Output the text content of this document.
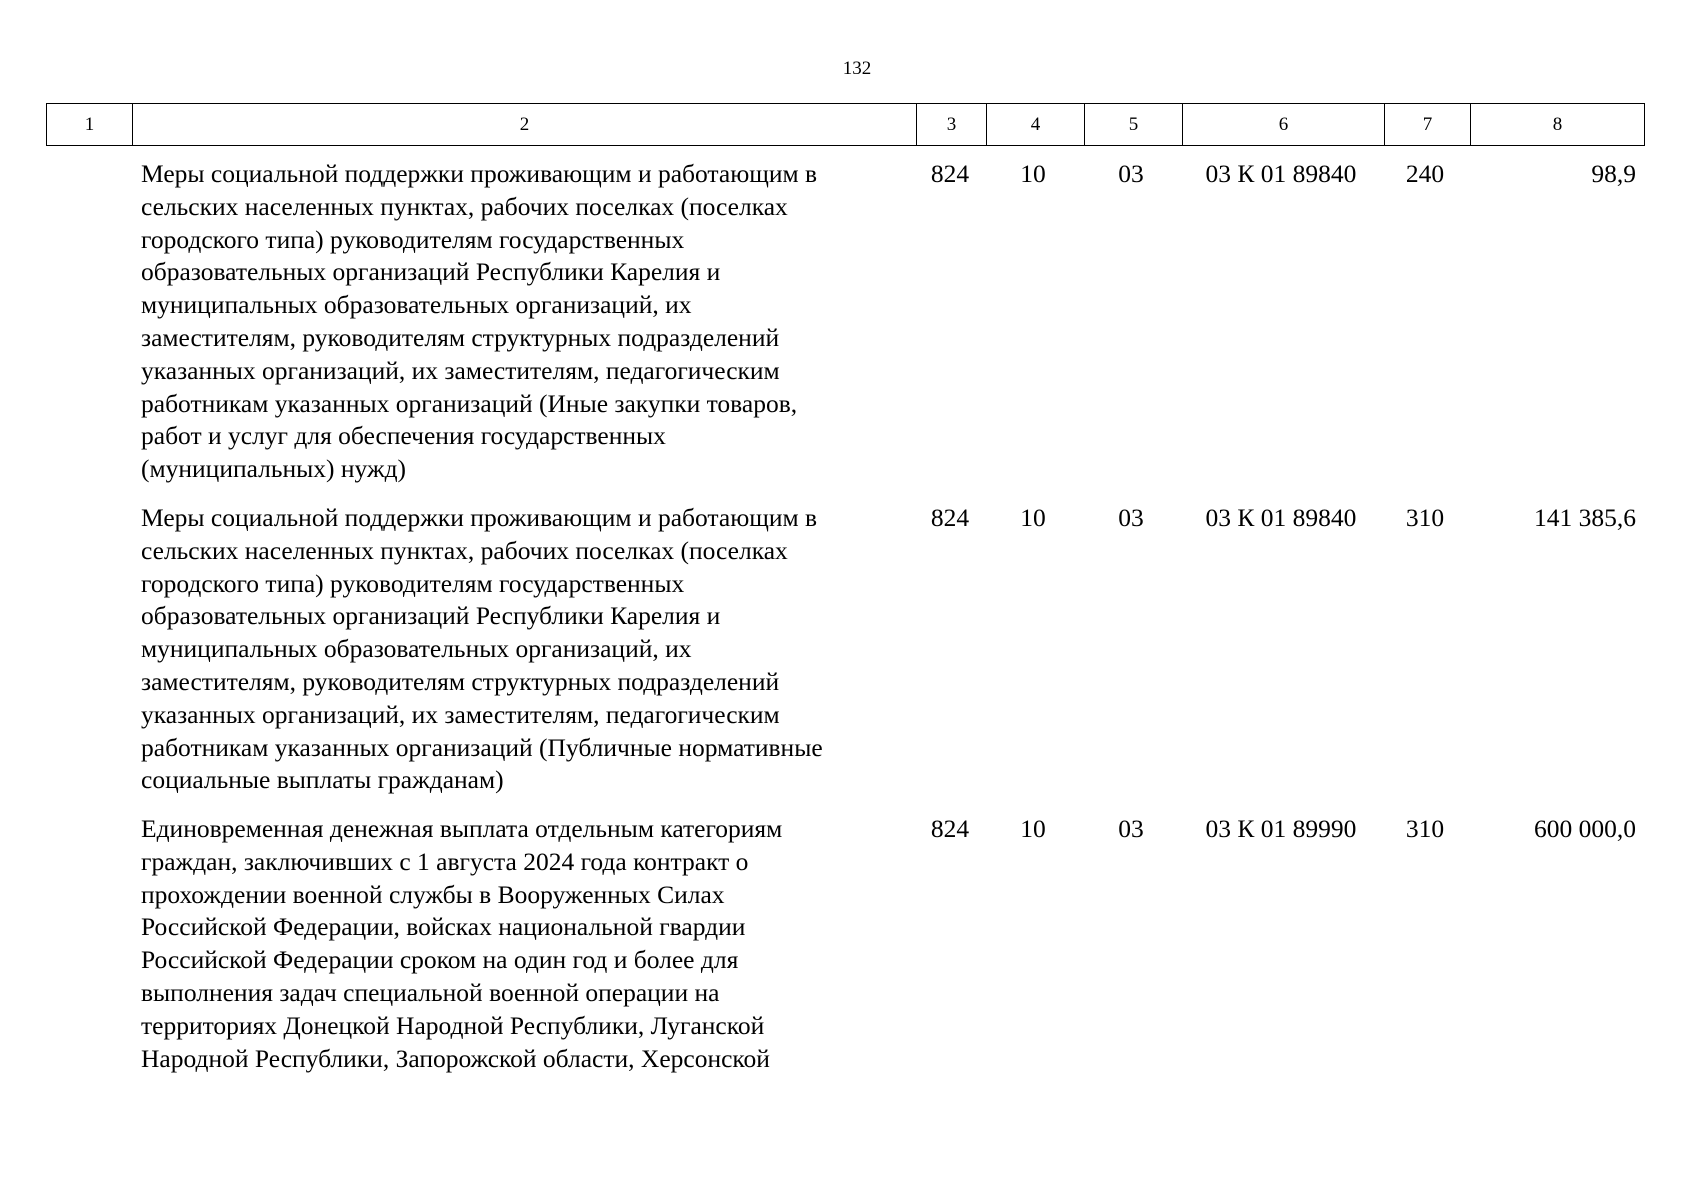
132
1	2	3	4	5	6	7	8
Меры социальной поддержки проживающим и работающим в
сельских населенных пунктах, рабочих поселках (поселках
городского типа) руководителям государственных
образовательных организаций Республики Карелия и
муниципальных образовательных организаций, их
заместителям, руководителям структурных подразделений
указанных организаций, их заместителям, педагогическим
работникам указанных организаций (Иные закупки товаров,
работ и услуг для обеспечения государственных
(муниципальных) нужд)
824	10	03	03 К 01 89840	240	98,9
Меры социальной поддержки проживающим и работающим в
сельских населенных пунктах, рабочих поселках (поселках
городского типа) руководителям государственных
образовательных организаций Республики Карелия и
муниципальных образовательных организаций, их
заместителям, руководителям структурных подразделений
указанных организаций, их заместителям, педагогическим
работникам указанных организаций (Публичные нормативные
социальные выплаты гражданам)
824	10	03	03 К 01 89840	310	141 385,6
Единовременная денежная выплата отдельным категориям
граждан, заключивших с 1 августа 2024 года контракт о
прохождении военной службы в Вооруженных Силах
Российской Федерации, войсках национальной гвардии
Российской Федерации сроком на один год и более для
выполнения задач специальной военной операции на
территориях Донецкой Народной Республики, Луганской
Народной Республики, Запорожской области, Херсонской
824	10	03	03 К 01 89990	310	600 000,0
